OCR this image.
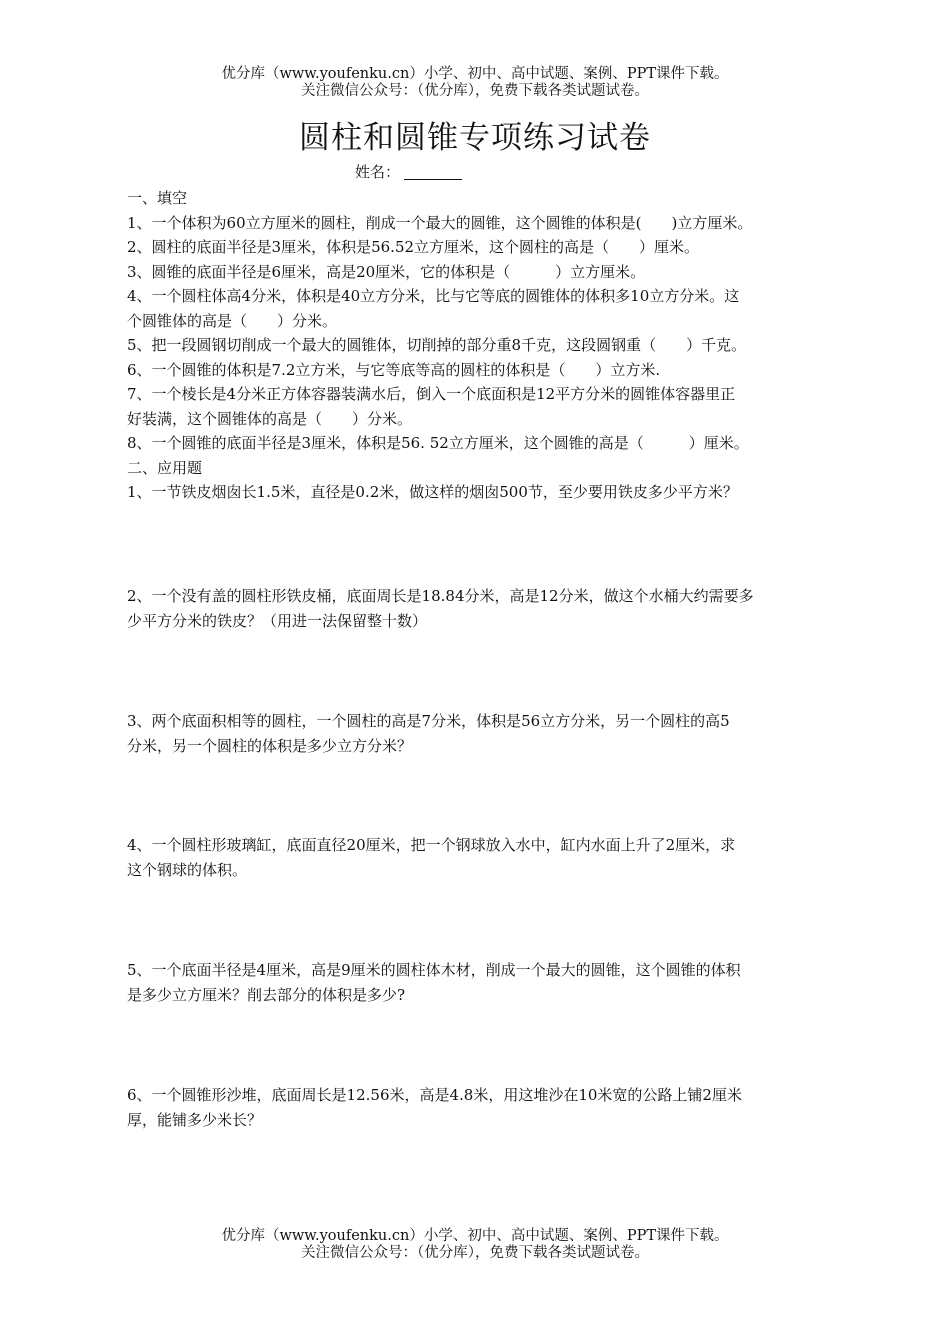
优分库（www.youfenku.cn）小学、初中、高中试题、案例、PPT课件下载。
关注微信公众号：（优分库），免费下载各类试题试卷。
圆柱和圆锥专项练习试卷
姓名：
一、填空
1、一个体积为60立方厘米的圆柱，削成一个最大的圆锥，这个圆锥的体积是(　　)立方厘米。
2、圆柱的底面半径是3厘米，体积是56.52立方厘米，这个圆柱的高是（　　）厘米。
3、圆锥的底面半径是6厘米，高是20厘米，它的体积是（　　　）立方厘米。
4、一个圆柱体高4分米，体积是40立方分米，比与它等底的圆锥体的体积多10立方分米。这
个圆锥体的高是（　　）分米。
5、把一段圆钢切削成一个最大的圆锥体，切削掉的部分重8千克，这段圆钢重（　　）千克。
6、一个圆锥的体积是7.2立方米，与它等底等高的圆柱的体积是（　　）立方米.
7、一个棱长是4分米正方体容器装满水后，倒入一个底面积是12平方分米的圆锥体容器里正
好装满，这个圆锥体的高是（　　）分米。
8、一个圆锥的底面半径是3厘米，体积是56. 52立方厘米，这个圆锥的高是（　　　）厘米。
二、应用题
1、一节铁皮烟囱长1.5米，直径是0.2米，做这样的烟囱500节，至少要用铁皮多少平方米？
2、一个没有盖的圆柱形铁皮桶，底面周长是18.84分米，高是12分米，做这个水桶大约需要多
少平方分米的铁皮？（用进一法保留整十数）
3、两个底面积相等的圆柱，一个圆柱的高是7分米，体积是56立方分米，另一个圆柱的高5
分米，另一个圆柱的体积是多少立方分米？
4、一个圆柱形玻璃缸，底面直径20厘米，把一个钢球放入水中，缸内水面上升了2厘米，求
这个钢球的体积。
5、一个底面半径是4厘米，高是9厘米的圆柱体木材，削成一个最大的圆锥，这个圆锥的体积
是多少立方厘米？削去部分的体积是多少?
6、一个圆锥形沙堆，底面周长是12.56米，高是4.8米，用这堆沙在10米宽的公路上铺2厘米
厚，能铺多少米长？
优分库（www.youfenku.cn）小学、初中、高中试题、案例、PPT课件下载。
关注微信公众号：（优分库），免费下载各类试题试卷。
